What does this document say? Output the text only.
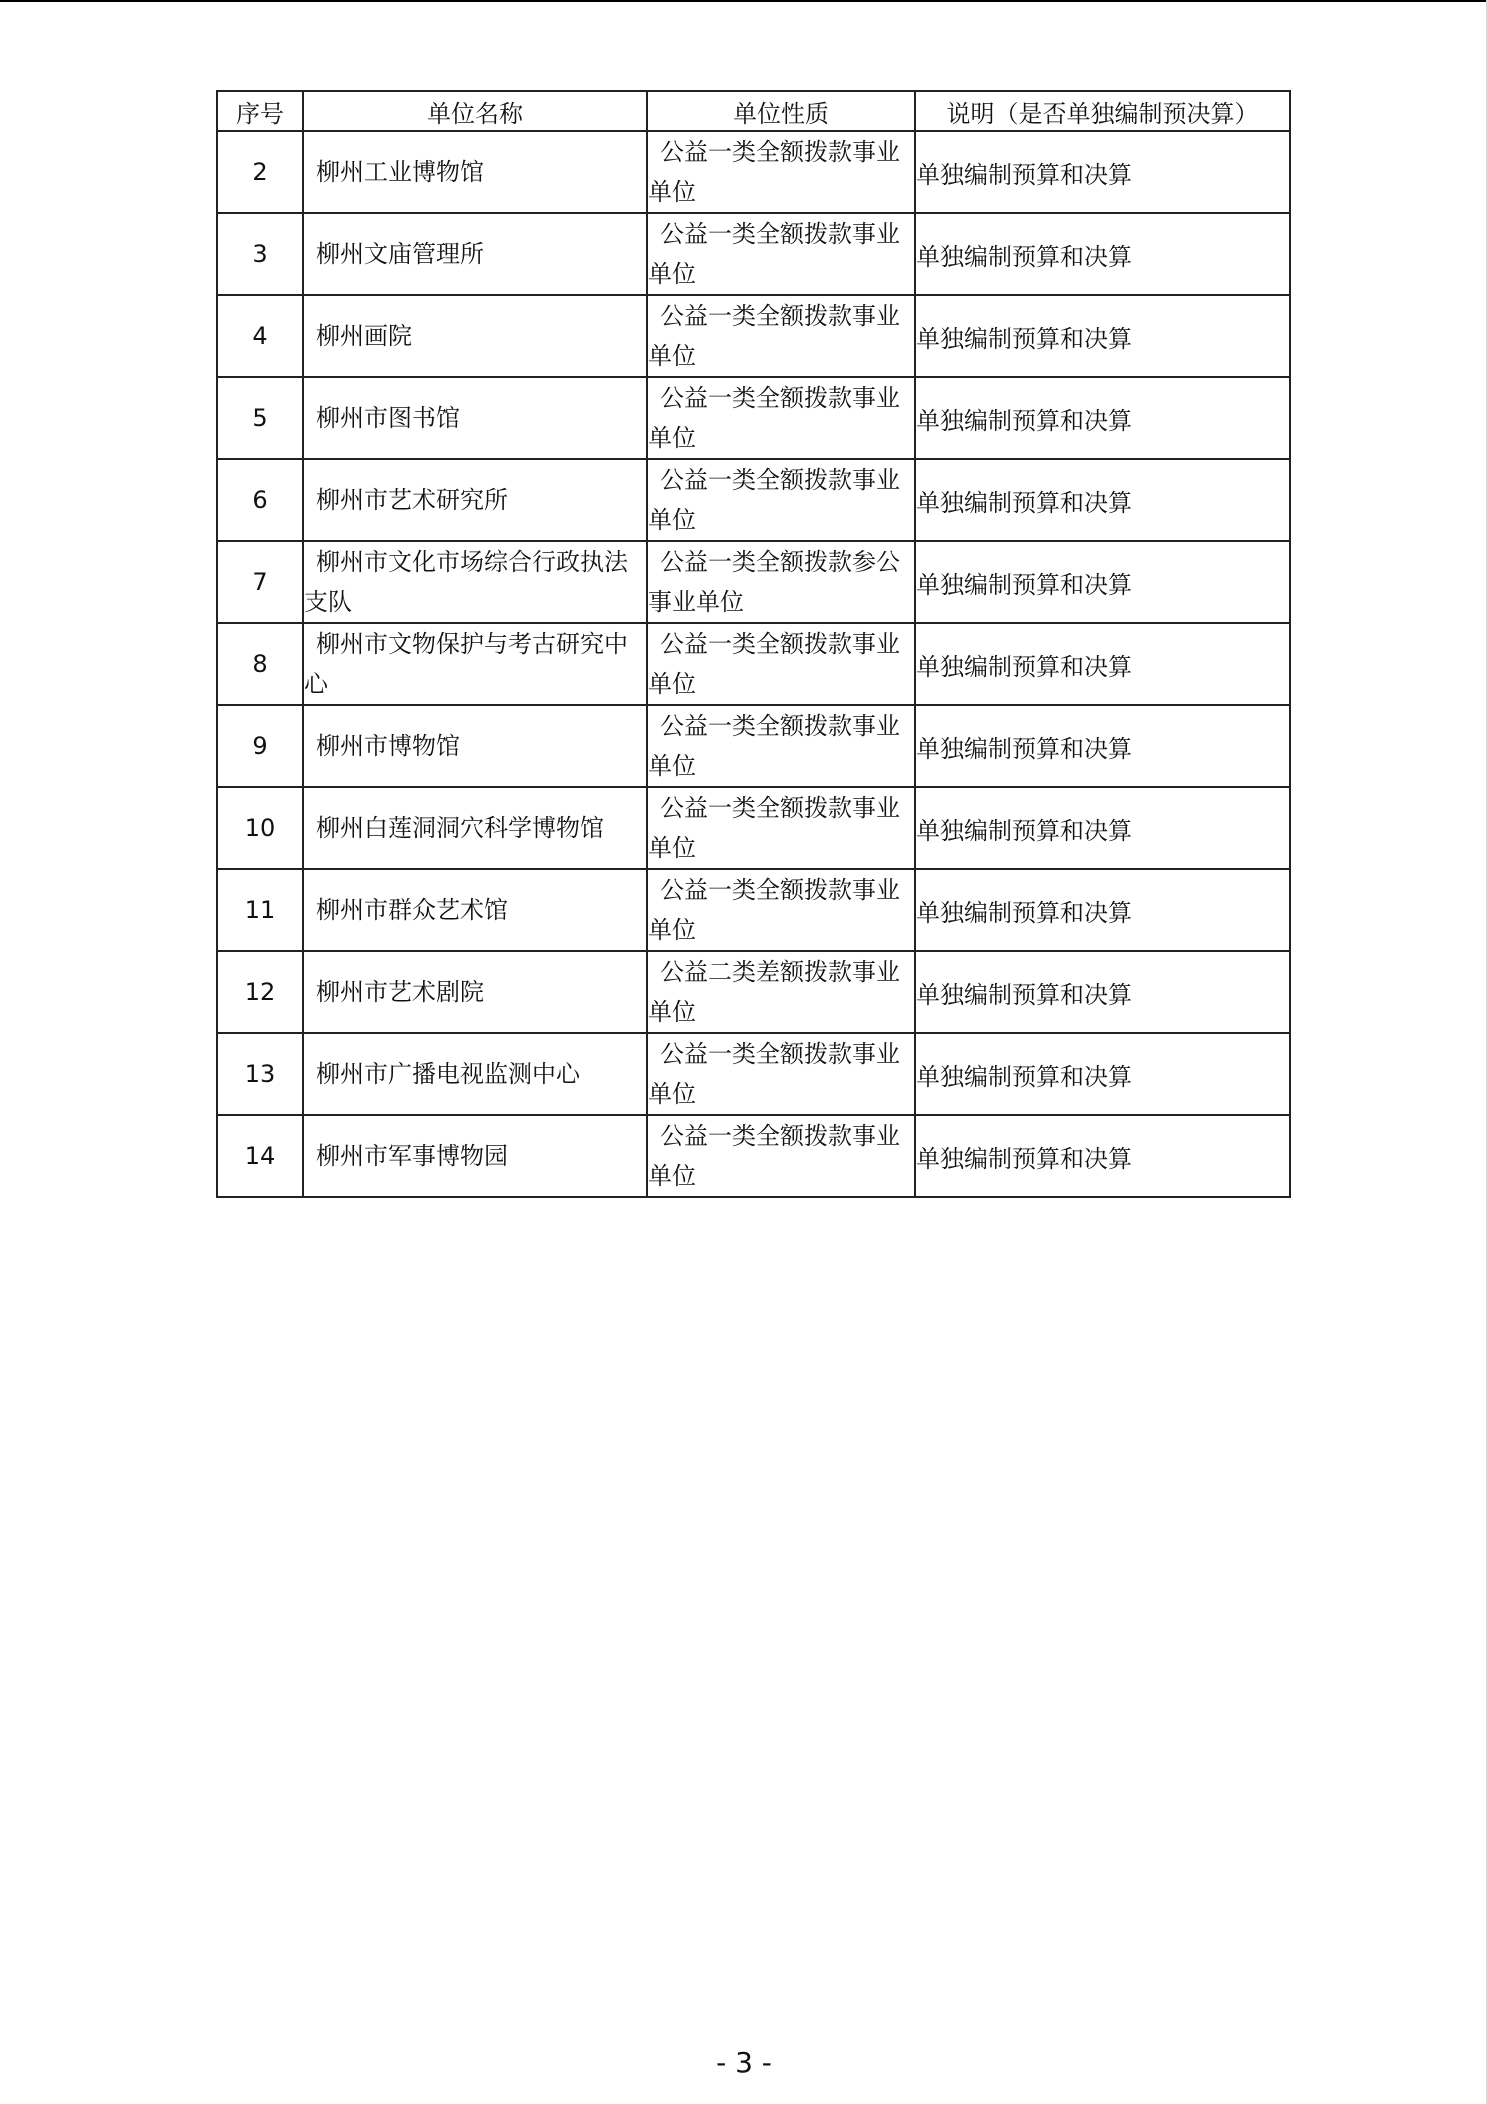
序号	单位名称	单位性质	说明（是否单独编制预决算）
2	柳州工业博物馆	公益一类全额拨款事业单位	单独编制预算和决算
3	柳州文庙管理所	公益一类全额拨款事业单位	单独编制预算和决算
4	柳州画院	公益一类全额拨款事业单位	单独编制预算和决算
5	柳州市图书馆	公益一类全额拨款事业单位	单独编制预算和决算
6	柳州市艺术研究所	公益一类全额拨款事业单位	单独编制预算和决算
7	柳州市文化市场综合行政执法支队	公益一类全额拨款参公事业单位	单独编制预算和决算
8	柳州市文物保护与考古研究中心	公益一类全额拨款事业单位	单独编制预算和决算
9	柳州市博物馆	公益一类全额拨款事业单位	单独编制预算和决算
10	柳州白莲洞洞穴科学博物馆	公益一类全额拨款事业单位	单独编制预算和决算
11	柳州市群众艺术馆	公益一类全额拨款事业单位	单独编制预算和决算
12	柳州市艺术剧院	公益二类差额拨款事业单位	单独编制预算和决算
13	柳州市广播电视监测中心	公益一类全额拨款事业单位	单独编制预算和决算
14	柳州市军事博物园	公益一类全额拨款事业单位	单独编制预算和决算
- 3 -
